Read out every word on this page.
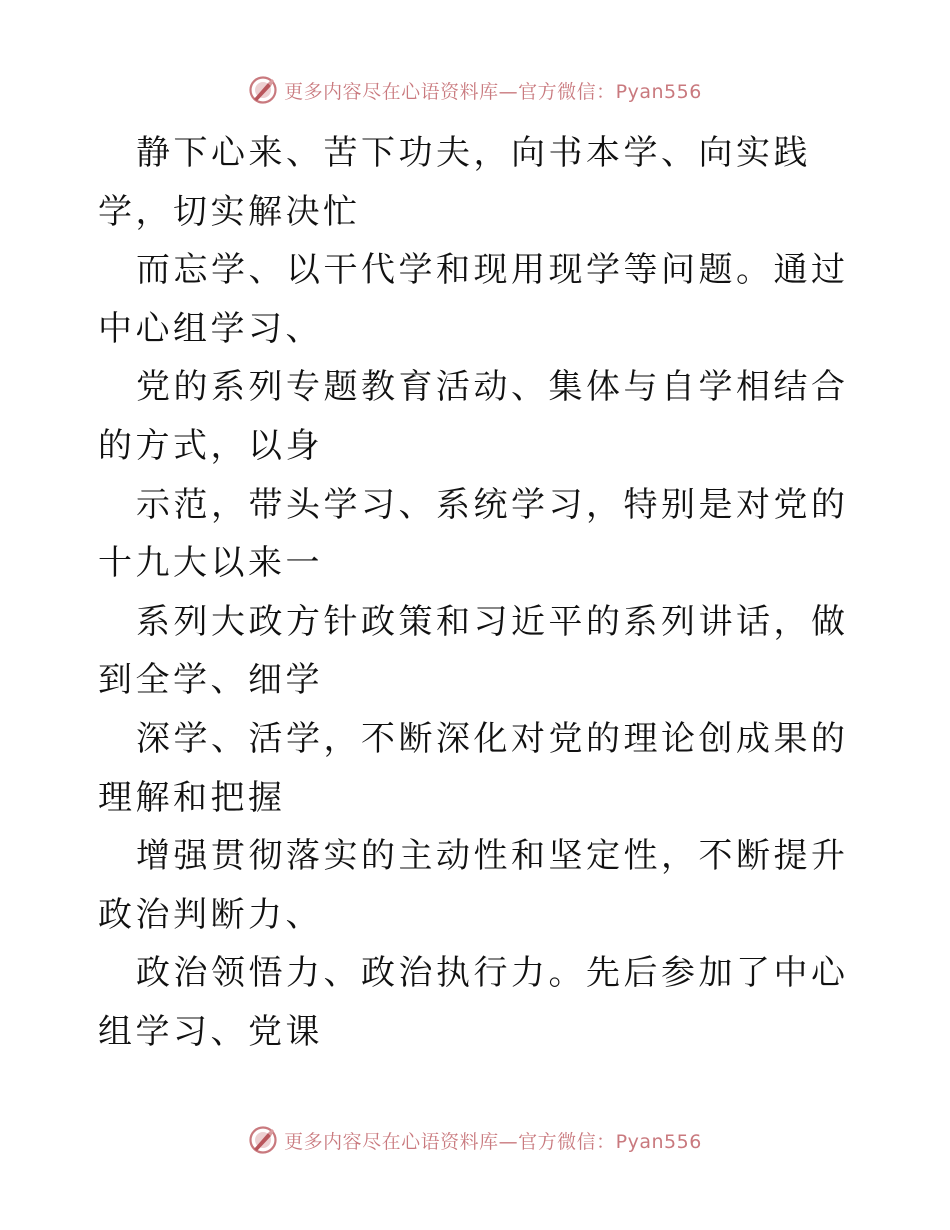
更多内容尽在心语资料库—官方微信：Pyan556

静下心来、苦下功夫，向书本学、向实践学，切实解决忙

而忘学、以干代学和现用现学等问题。通过中心组学习、

党的系列专题教育活动、集体与自学相结合的方式，以身

示范，带头学习、系统学习，特别是对党的十九大以来一

系列大政方针政策和习近平的系列讲话，做到全学、细学

深学、活学，不断深化对党的理论创成果的理解和把握

增强贯彻落实的主动性和坚定性，不断提升政治判断力、

政治领悟力、政治执行力。先后参加了中心组学习、党课

更多内容尽在心语资料库—官方微信：Pyan556
